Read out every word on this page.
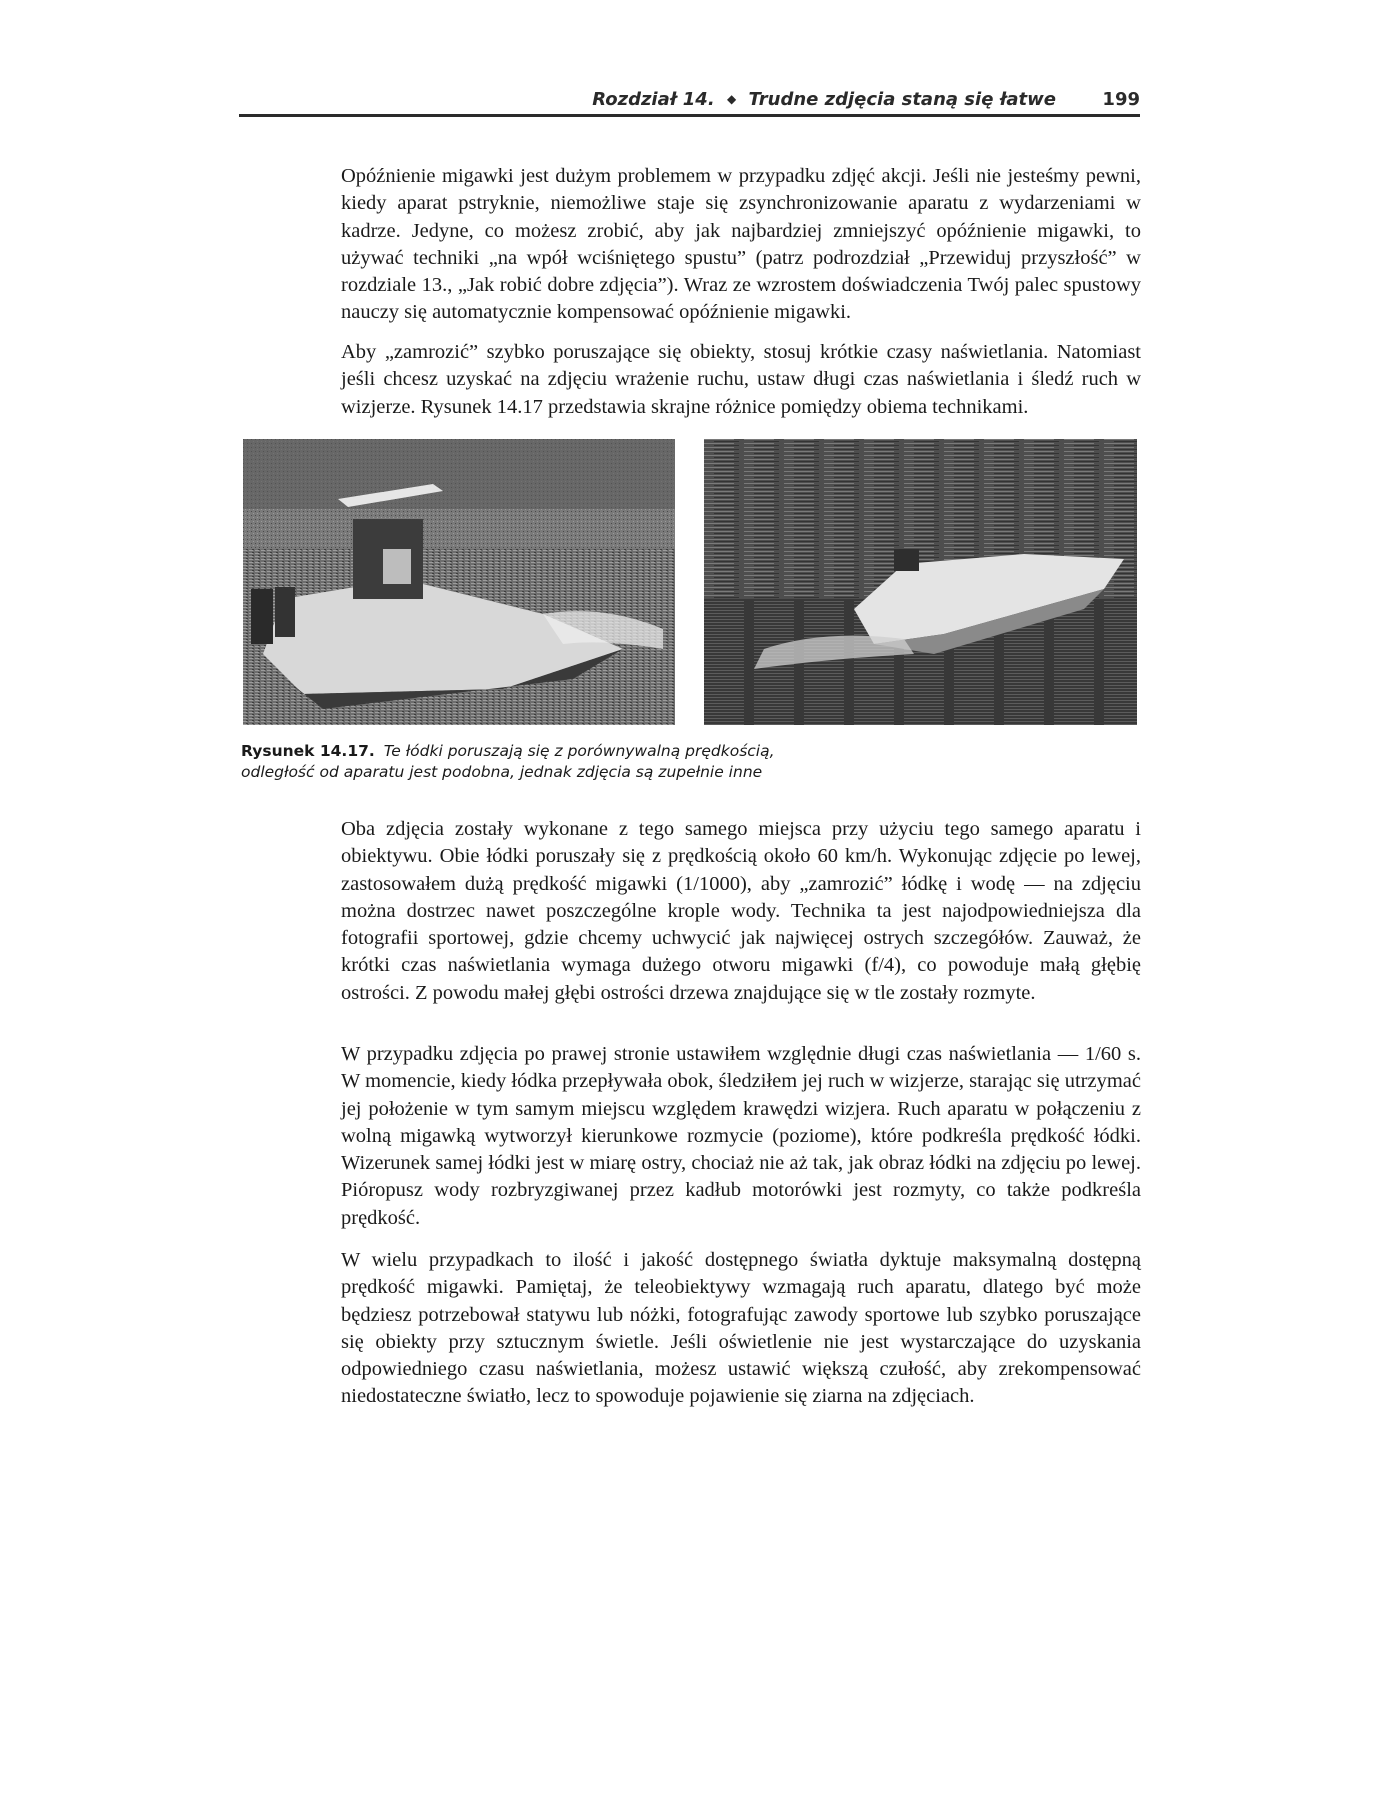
Rozdział 14. ◆ Trudne zdjęcia staną się łatwe	199

Opóźnienie migawki jest dużym problemem w przypadku zdjęć akcji. Jeśli nie jesteśmy pewni, kiedy aparat pstryknie, niemożliwe staje się zsynchronizowanie aparatu z wydarzeniami w kadrze. Jedyne, co możesz zrobić, aby jak najbardziej zmniejszyć opóźnienie migawki, to używać techniki „na wpół wciśniętego spustu” (patrz podrozdział „Przewiduj przyszłość” w rozdziale 13., „Jak robić dobre zdjęcia”). Wraz ze wzrostem doświadczenia Twój palec spustowy nauczy się automatycznie kompensować opóźnienie migawki.

Aby „zamrozić” szybko poruszające się obiekty, stosuj krótkie czasy naświetlania. Natomiast jeśli chcesz uzyskać na zdjęciu wrażenie ruchu, ustaw długi czas naświetlania i śledź ruch w wizjerze. Rysunek 14.17 przedstawia skrajne różnice pomiędzy obiema technikami.

Rysunek 14.17. Te łódki poruszają się z porównywalną prędkością,
odległość od aparatu jest podobna, jednak zdjęcia są zupełnie inne

Oba zdjęcia zostały wykonane z tego samego miejsca przy użyciu tego samego aparatu i obiektywu. Obie łódki poruszały się z prędkością około 60 km/h. Wykonując zdjęcie po lewej, zastosowałem dużą prędkość migawki (1/1000), aby „zamrozić” łódkę i wodę — na zdjęciu można dostrzec nawet poszczególne krople wody. Technika ta jest najodpowiedniejsza dla fotografii sportowej, gdzie chcemy uchwycić jak najwięcej ostrych szczegółów. Zauważ, że krótki czas naświetlania wymaga dużego otworu migawki (f/4), co powoduje małą głębię ostrości. Z powodu małej głębi ostrości drzewa znajdujące się w tle zostały rozmyte.

W przypadku zdjęcia po prawej stronie ustawiłem względnie długi czas naświetlania — 1/60 s. W momencie, kiedy łódka przepływała obok, śledziłem jej ruch w wizjerze, starając się utrzymać jej położenie w tym samym miejscu względem krawędzi wizjera. Ruch aparatu w połączeniu z wolną migawką wytworzył kierunkowe rozmycie (poziome), które podkreśla prędkość łódki. Wizerunek samej łódki jest w miarę ostry, chociaż nie aż tak, jak obraz łódki na zdjęciu po lewej. Pióropusz wody rozbryzgiwanej przez kadłub motorówki jest rozmyty, co także podkreśla prędkość.

W wielu przypadkach to ilość i jakość dostępnego światła dyktuje maksymalną dostępną prędkość migawki. Pamiętaj, że teleobiektywy wzmagają ruch aparatu, dlatego być może będziesz potrzebował statywu lub nóżki, fotografując zawody sportowe lub szybko poruszające się obiekty przy sztucznym świetle. Jeśli oświetlenie nie jest wystarczające do uzyskania odpowiedniego czasu naświetlania, możesz ustawić większą czułość, aby zrekompensować niedostateczne światło, lecz to spowoduje pojawienie się ziarna na zdjęciach.
